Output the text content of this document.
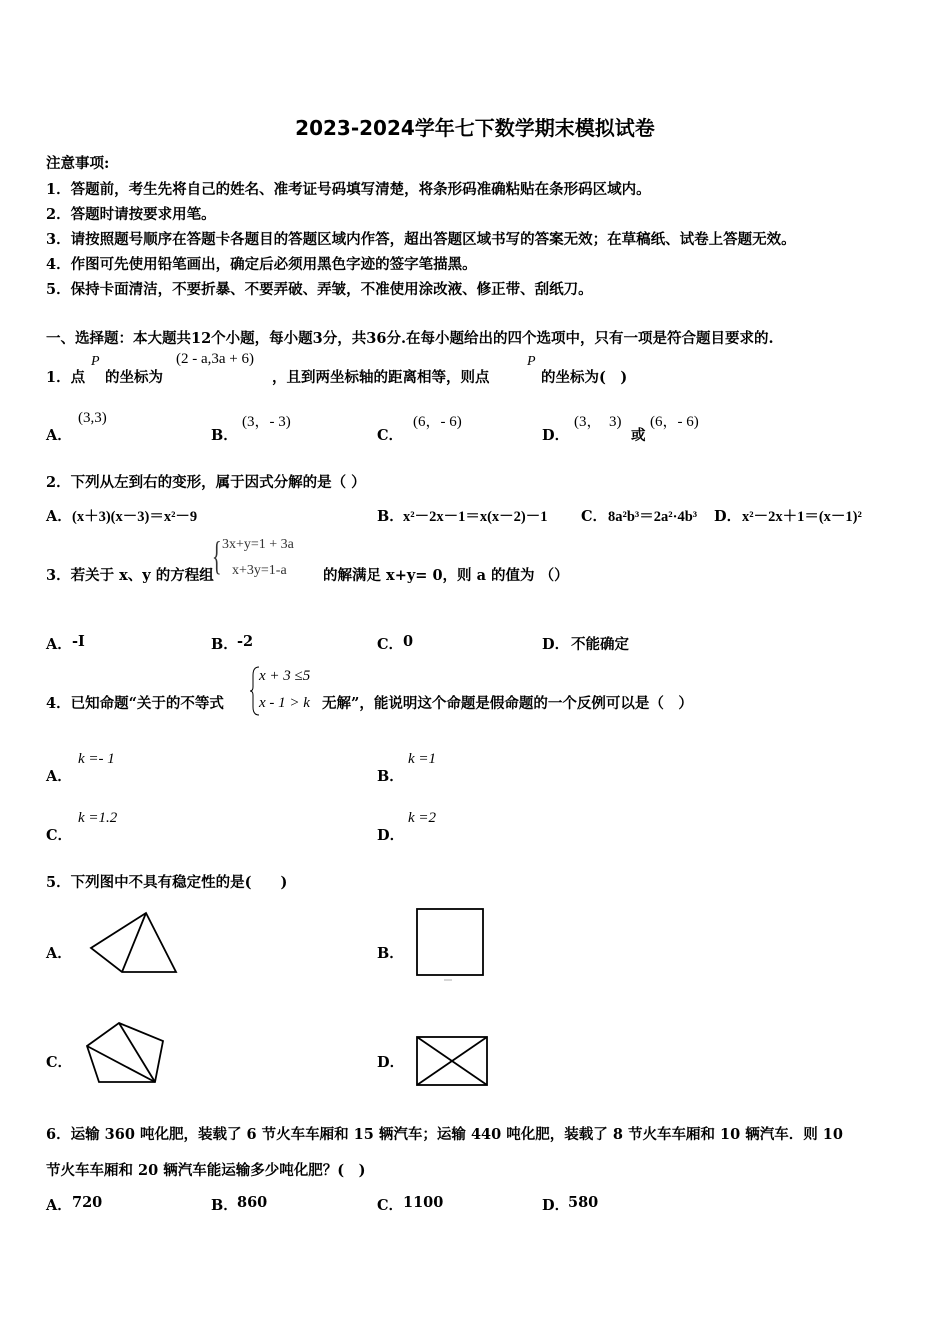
2023-2024学年七下数学期末模拟试卷
注意事项:
1．答题前，考生先将自己的姓名、准考证号码填写清楚，将条形码准确粘贴在条形码区域内。
2．答题时请按要求用笔。
3．请按照题号顺序在答题卡各题目的答题区域内作答，超出答题区域书写的答案无效；在草稿纸、试卷上答题无效。
4．作图可先使用铅笔画出，确定后必须用黑色字迹的签字笔描黑。
5．保持卡面清洁，不要折暴、不要弄破、弄皱，不准使用涂改液、修正带、刮纸刀。
一、选择题：本大题共12个小题，每小题3分，共36分.在每小题给出的四个选项中，只有一项是符合题目要求的.
1．点
P
的坐标为
(2 - a,3a + 6)
，且到两坐标轴的距离相等，则点
P
的坐标为(　)
A．
(3,3)
B．
(3，- 3)
C．
(6，- 6)
D．
(3，　3)
或
(6，- 6)
2．下列从左到右的变形，属于因式分解的是（ ）
A． (x＋3)(x－3)＝x²－9	B． x²－2x－1＝x(x－2)－1 C． 8a²b³＝2a²·4b³ D． x²－2x＋1＝(x－1)²
3．若关于 x、y 的方程组
{ 3x+y=1 + 3a
x+3y=1-a	的解满足 x+y= 0，则 a 的值为 （）
A． -I	B． -2	C． 0	D． 不能确定
4．已知命题“关于的不等式
x + 3 ≤5
x - 1 > k 无解”，能说明这个命题是假命题的一个反例可以是（　）
A．
k =- 1
B．
k =1
C．
k =1.2
D．
k =2
5．下列图中不具有稳定性的是(　　)
A．	B．
C．	D．
6．运输 360 吨化肥，装载了 6 节火车车厢和 15 辆汽车；运输 440 吨化肥，装载了 8 节火车车厢和 10 辆汽车．则 10
节火车车厢和 20 辆汽车能运输多少吨化肥？(　)
A． 720	B． 860	C． 1100	D．
580
